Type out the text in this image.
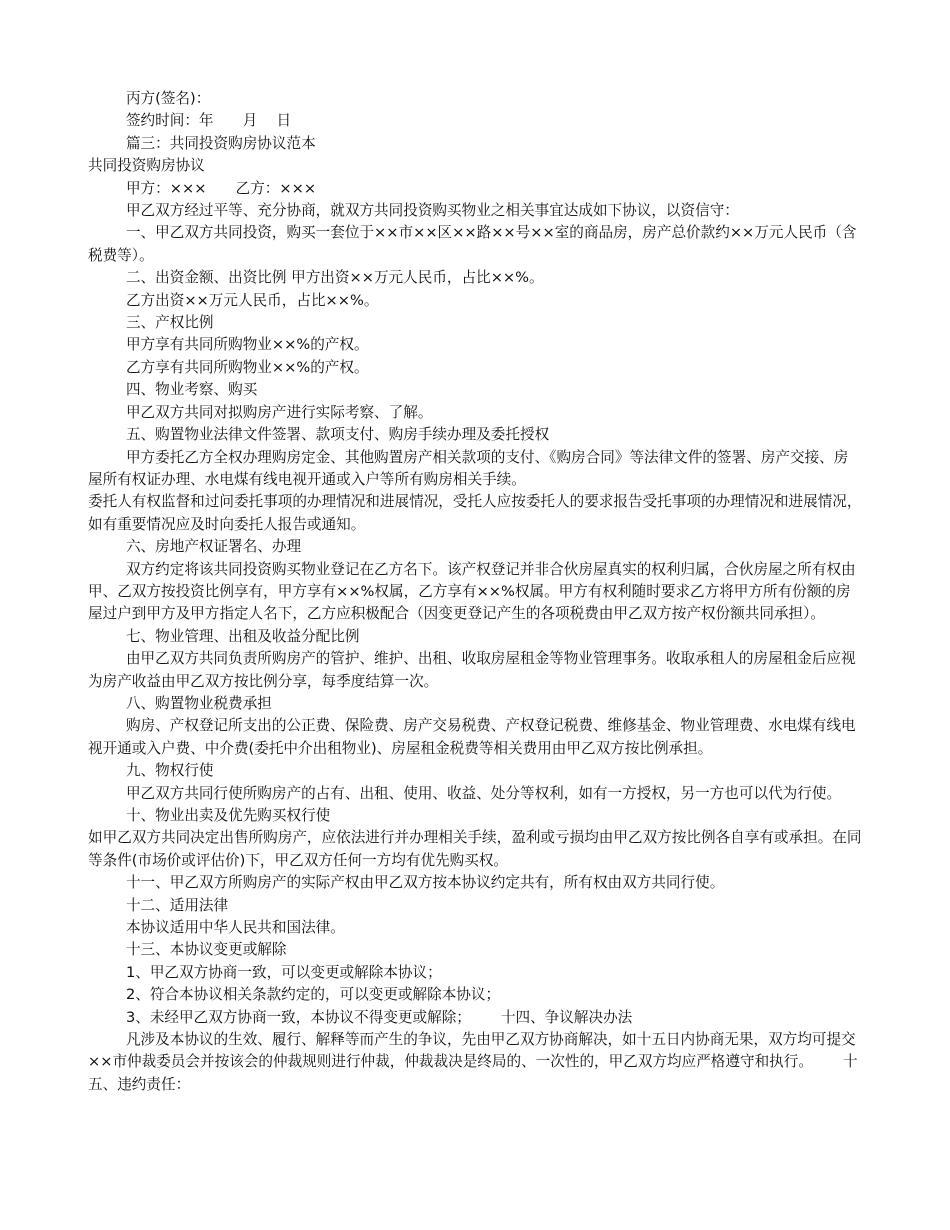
丙方(签名)：

签约时间：年　　月　 日

篇三：共同投资购房协议范本

共同投资购房协议

甲方：×××　　乙方：×××

甲乙双方经过平等、充分协商，就双方共同投资购买物业之相关事宜达成如下协议，以资信守：

一、甲乙双方共同投资，购买一套位于××市××区××路××号××室的商品房，房产总价款约××万元人民币（含税费等）。

二、出资金额、出资比例 甲方出资××万元人民币，占比××%。

乙方出资××万元人民币，占比××%。

三、产权比例

甲方享有共同所购物业××%的产权。

乙方享有共同所购物业××%的产权。

四、物业考察、购买

甲乙双方共同对拟购房产进行实际考察、了解。

五、购置物业法律文件签署、款项支付、购房手续办理及委托授权

甲方委托乙方全权办理购房定金、其他购置房产相关款项的支付、《购房合同》等法律文件的签署、房产交接、房屋所有权证办理、水电煤有线电视开通或入户等所有购房相关手续。

委托人有权监督和过问委托事项的办理情况和进展情况，受托人应按委托人的要求报告受托事项的办理情况和进展情况，如有重要情况应及时向委托人报告或通知。

六、房地产权证署名、办理

双方约定将该共同投资购买物业登记在乙方名下。该产权登记并非合伙房屋真实的权利归属，合伙房屋之所有权由甲、乙双方按投资比例享有，甲方享有××%权属，乙方享有××%权属。甲方有权利随时要求乙方将甲方所有份额的房屋过户到甲方及甲方指定人名下，乙方应积极配合（因变更登记产生的各项税费由甲乙双方按产权份额共同承担）。

七、物业管理、出租及收益分配比例

由甲乙双方共同负责所购房产的管护、维护、出租、收取房屋租金等物业管理事务。收取承租人的房屋租金后应视为房产收益由甲乙双方按比例分享，每季度结算一次。

八、购置物业税费承担

购房、产权登记所支出的公正费、保险费、房产交易税费、产权登记税费、维修基金、物业管理费、水电煤有线电视开通或入户费、中介费(委托中介出租物业)、房屋租金税费等相关费用由甲乙双方按比例承担。

九、物权行使

甲乙双方共同行使所购房产的占有、出租、使用、收益、处分等权利，如有一方授权，另一方也可以代为行使。

十、物业出卖及优先购买权行使

如甲乙双方共同决定出售所购房产，应依法进行并办理相关手续，盈利或亏损均由甲乙双方按比例各自享有或承担。在同等条件(市场价或评估价)下，甲乙双方任何一方均有优先购买权。

十一、甲乙双方所购房产的实际产权由甲乙双方按本协议约定共有，所有权由双方共同行使。

十二、适用法律

本协议适用中华人民共和国法律。

十三、本协议变更或解除

1、甲乙双方协商一致，可以变更或解除本协议；

2、符合本协议相关条款约定的，可以变更或解除本协议；

3、未经甲乙双方协商一致，本协议不得变更或解除； 十四、争议解决办法

凡涉及本协议的生效、履行、解释等而产生的争议，先由甲乙双方协商解决，如十五日内协商无果，双方均可提交××市仲裁委员会并按该会的仲裁规则进行仲裁，仲裁裁决是终局的、一次性的，甲乙双方均应严格遵守和执行。 十五、违约责任：
